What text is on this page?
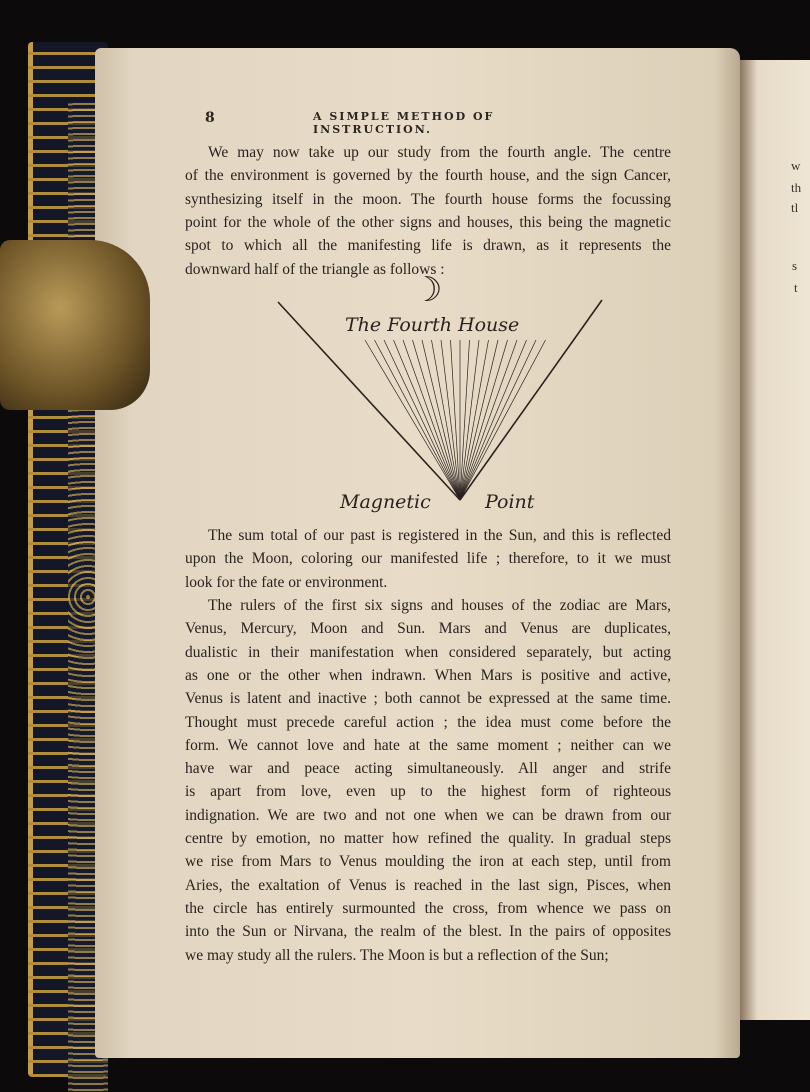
w
th
tl
s
t
8	A SIMPLE METHOD OF INSTRUCTION.
We may now take up our study from the fourth angle. The centre
of the environment is governed by the fourth house, and the sign Cancer,
synthesizing itself in the moon. The fourth house forms the focussing
point for the whole of the other signs and houses, this being the magnetic
spot to which all the manifesting life is drawn, as it represents the
downward half of the triangle as follows :
☽
The Fourth House
Magnetic	Point
The sum total of our past is registered in the Sun, and this is reflected
upon the Moon, coloring our manifested life ; therefore, to it we must
look for the fate or environment.
The rulers of the first six signs and houses of the zodiac are Mars,
Venus, Mercury, Moon and Sun. Mars and Venus are duplicates,
dualistic in their manifestation when considered separately, but acting
as one or the other when indrawn. When Mars is positive and active,
Venus is latent and inactive ; both cannot be expressed at the same time.
Thought must precede careful action ; the idea must come before the
form. We cannot love and hate at the same moment ; neither can we
have war and peace acting simultaneously. All anger and strife
is apart from love, even up to the highest form of righteous
indignation. We are two and not one when we can be drawn from our
centre by emotion, no matter how refined the quality. In gradual steps
we rise from Mars to Venus moulding the iron at each step, until from
Aries, the exaltation of Venus is reached in the last sign, Pisces, when
the circle has entirely surmounted the cross, from whence we pass on
into the Sun or Nirvana, the realm of the blest. In the pairs of opposites
we may study all the rulers. The Moon is but a reflection of the Sun;
